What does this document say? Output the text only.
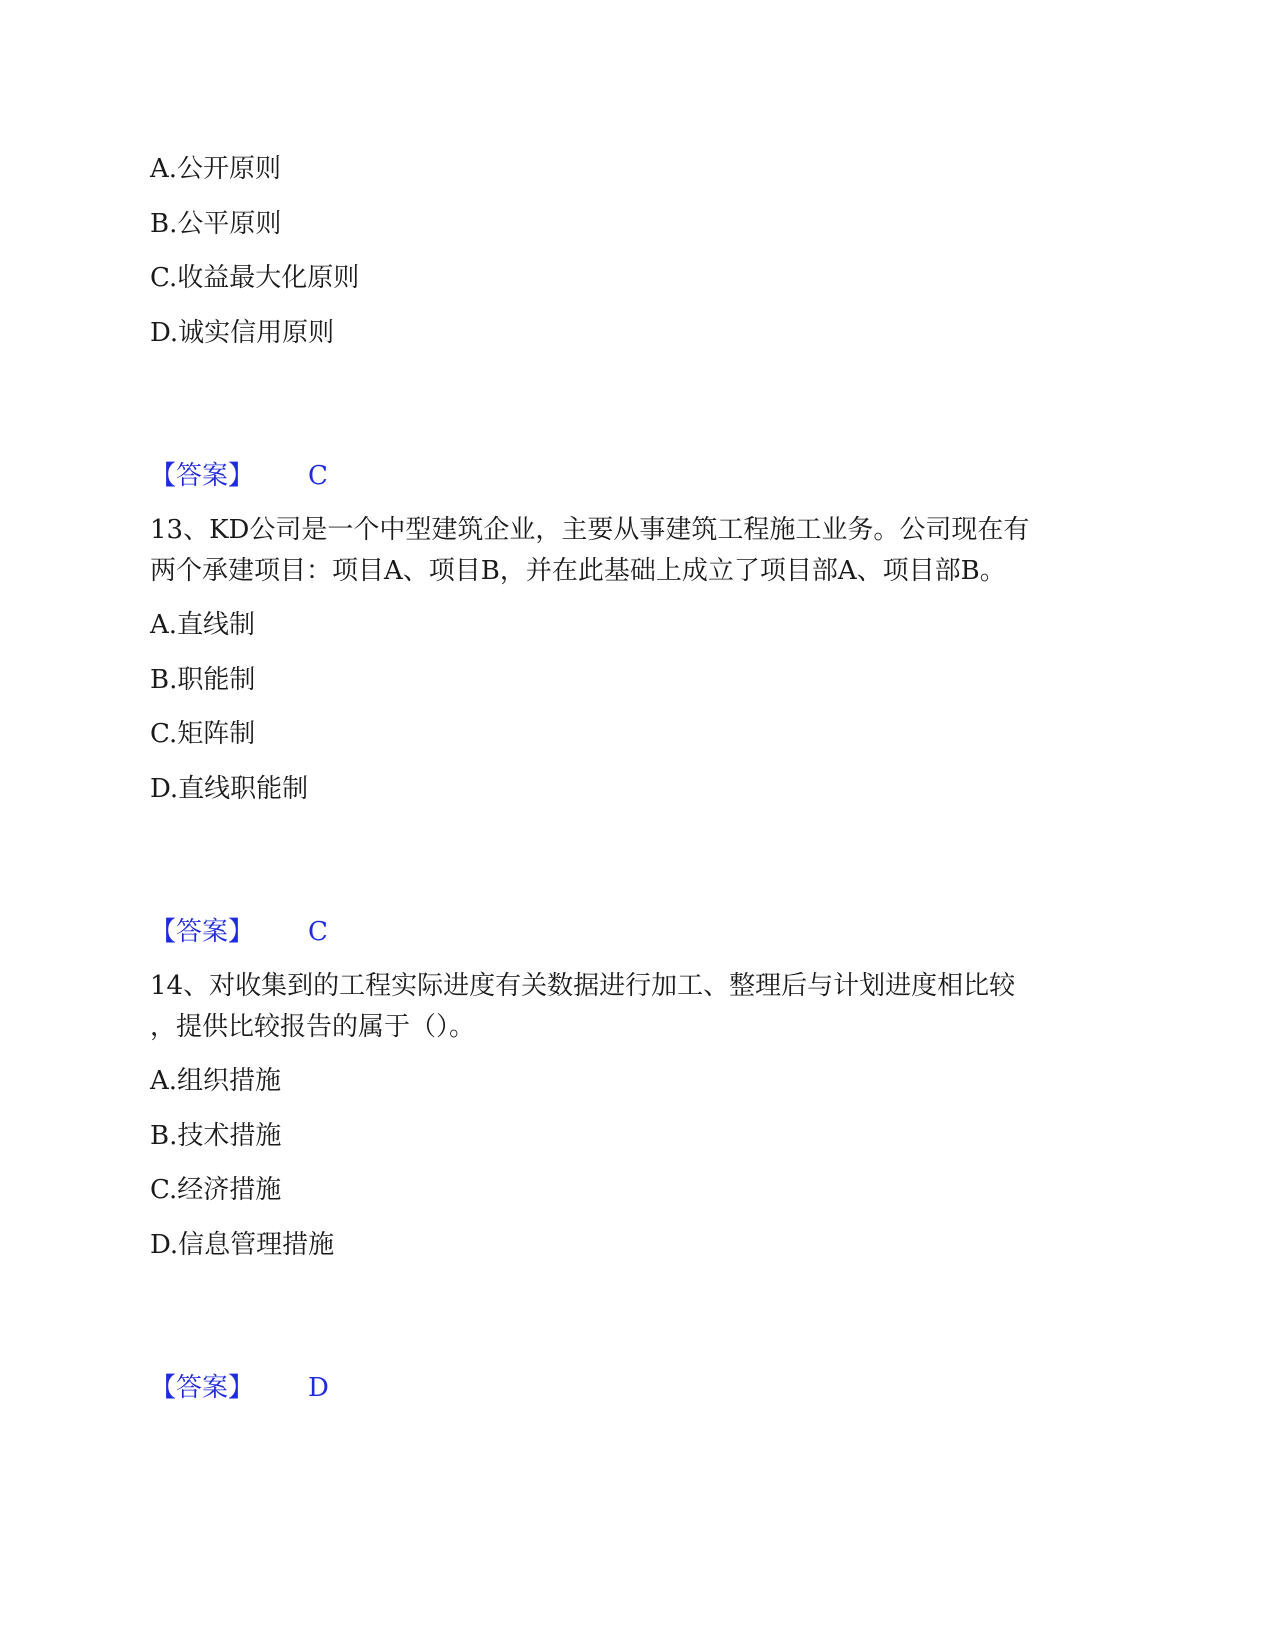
A.公开原则
B.公平原则
C.收益最大化原则
D.诚实信用原则
【答案】 C
13、KD公司是一个中型建筑企业，主要从事建筑工程施工业务。公司现在有
两个承建项目：项目A、项目B，并在此基础上成立了项目部A、项目部B。
A.直线制
B.职能制
C.矩阵制
D.直线职能制
【答案】 C
14、对收集到的工程实际进度有关数据进行加工、整理后与计划进度相比较
，提供比较报告的属于（）。
A.组织措施
B.技术措施
C.经济措施
D.信息管理措施
【答案】 D
